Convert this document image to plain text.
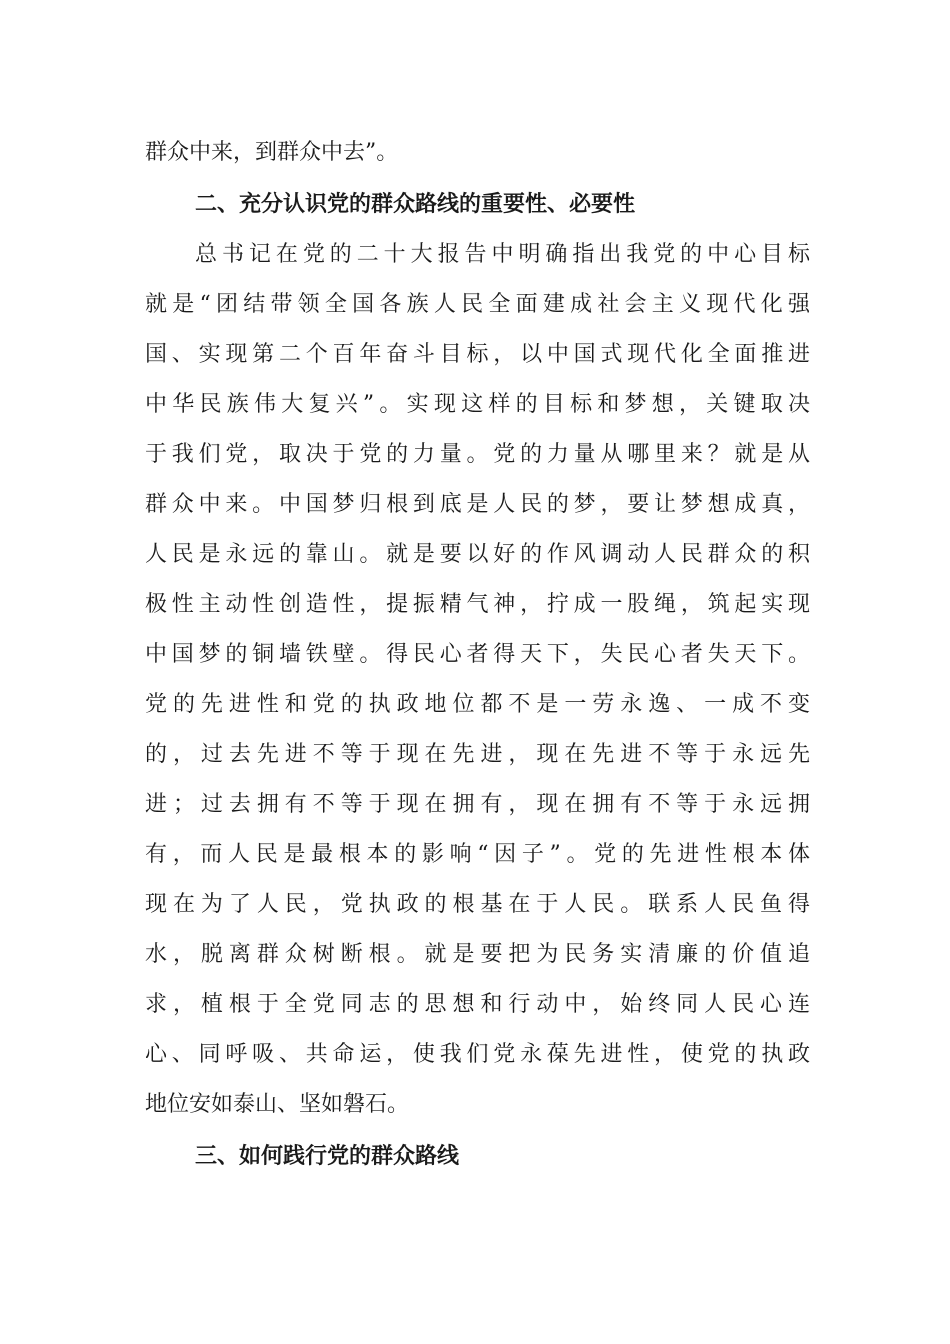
群众中来，到群众中去”。
二、充分认识党的群众路线的重要性、必要性
总书记在党的二十大报告中明确指出我党的中心目标
就是“团结带领全国各族人民全面建成社会主义现代化强
国、实现第二个百年奋斗目标，以中国式现代化全面推进
中华民族伟大复兴”。实现这样的目标和梦想，关键取决
于我们党，取决于党的力量。党的力量从哪里来？就是从
群众中来。中国梦归根到底是人民的梦，要让梦想成真，
人民是永远的靠山。就是要以好的作风调动人民群众的积
极性主动性创造性，提振精气神，拧成一股绳，筑起实现
中国梦的铜墙铁壁。得民心者得天下，失民心者失天下。
党的先进性和党的执政地位都不是一劳永逸、一成不变
的，过去先进不等于现在先进，现在先进不等于永远先
进；过去拥有不等于现在拥有，现在拥有不等于永远拥
有，而人民是最根本的影响“因子”。党的先进性根本体
现在为了人民，党执政的根基在于人民。联系人民鱼得
水，脱离群众树断根。就是要把为民务实清廉的价值追
求，植根于全党同志的思想和行动中，始终同人民心连
心、同呼吸、共命运，使我们党永葆先进性，使党的执政
地位安如泰山、坚如磐石。
三、如何践行党的群众路线
